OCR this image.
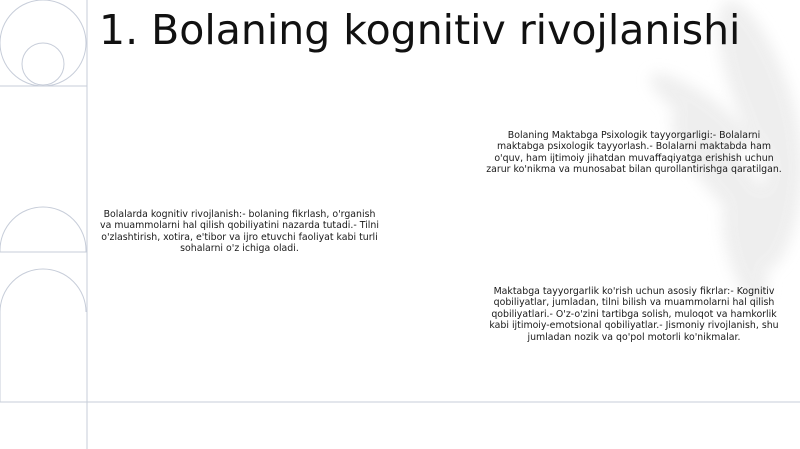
1. Bolaning kognitiv rivojlanishi

Bolalarda kognitiv rivojlanish:- bolaning fikrlash, o'rganish va muammolarni hal qilish qobiliyatini nazarda tutadi.- Tilni o'zlashtirish, xotira, e'tibor va ijro etuvchi faoliyat kabi turli sohalarni o'z ichiga oladi.

Bolaning Maktabga Psixologik tayyorgarligi:- Bolalarni maktabga psixologik tayyorlash.- Bolalarni maktabda ham o'quv, ham ijtimoiy jihatdan muvaffaqiyatga erishish uchun zarur ko'nikma va munosabat bilan qurollantirishga qaratilgan.

Maktabga tayyorgarlik ko'rish uchun asosiy fikrlar:- Kognitiv qobiliyatlar, jumladan, tilni bilish va muammolarni hal qilish qobiliyatlari.- O'z-o'zini tartibga solish, muloqot va hamkorlik kabi ijtimoiy-emotsional qobiliyatlar.- Jismoniy rivojlanish, shu jumladan nozik va qo'pol motorli ko'nikmalar.
